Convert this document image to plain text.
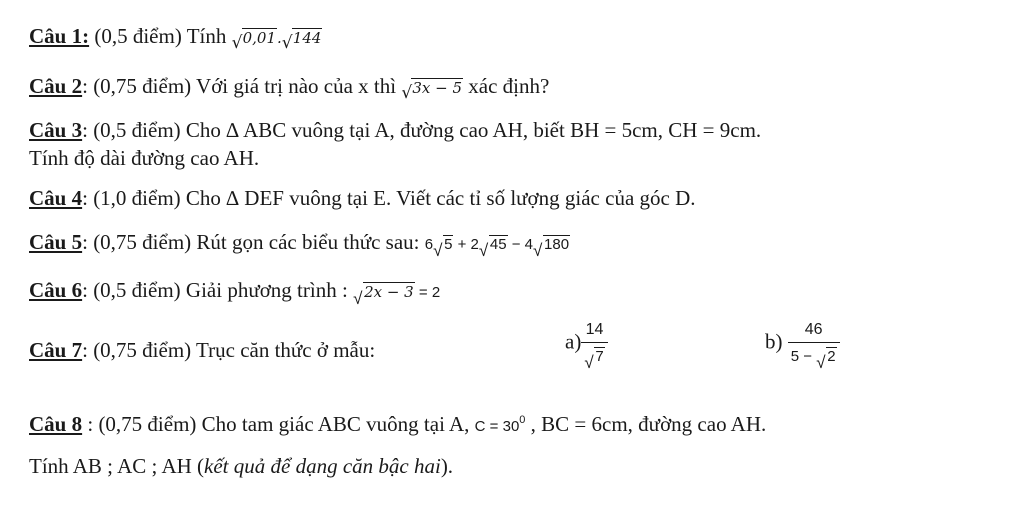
Câu 1: (0,5 điểm) Tính √ 0,01. √ 144
Câu 2: (0,75 điểm) Với giá trị nào của x thì √ 3x − 5 xác định?
Câu 3: (0,5 điểm) Cho ∆ ABC vuông tại A, đường cao AH, biết BH = 5cm, CH = 9cm.
Tính độ dài đường cao AH.
Câu 4: (1,0 điểm) Cho ∆ DEF vuông tại E. Viết các tỉ số lượng giác của góc D.
Câu 5: (0,75 điểm) Rút gọn các biểu thức sau: 6 √ 5 + 2 √ 45 − 4 √ 180
Câu 6: (0,5 điểm) Giải phương trình : √ 2x − 3 = 2
Câu 7: (0,75 điểm) Trục căn thức ở mẫu:	$a) \frac{14}{√ 7}$	$b) \frac{46}{5 - √ 2}$
Câu 8 : (0,75 điểm) Cho tam giác ABC vuông tại A, $C = 30^0$ , BC = 6cm, đường cao AH.
Tính AB ; AC ; AH (kết quả để dạng căn bậc hai).
